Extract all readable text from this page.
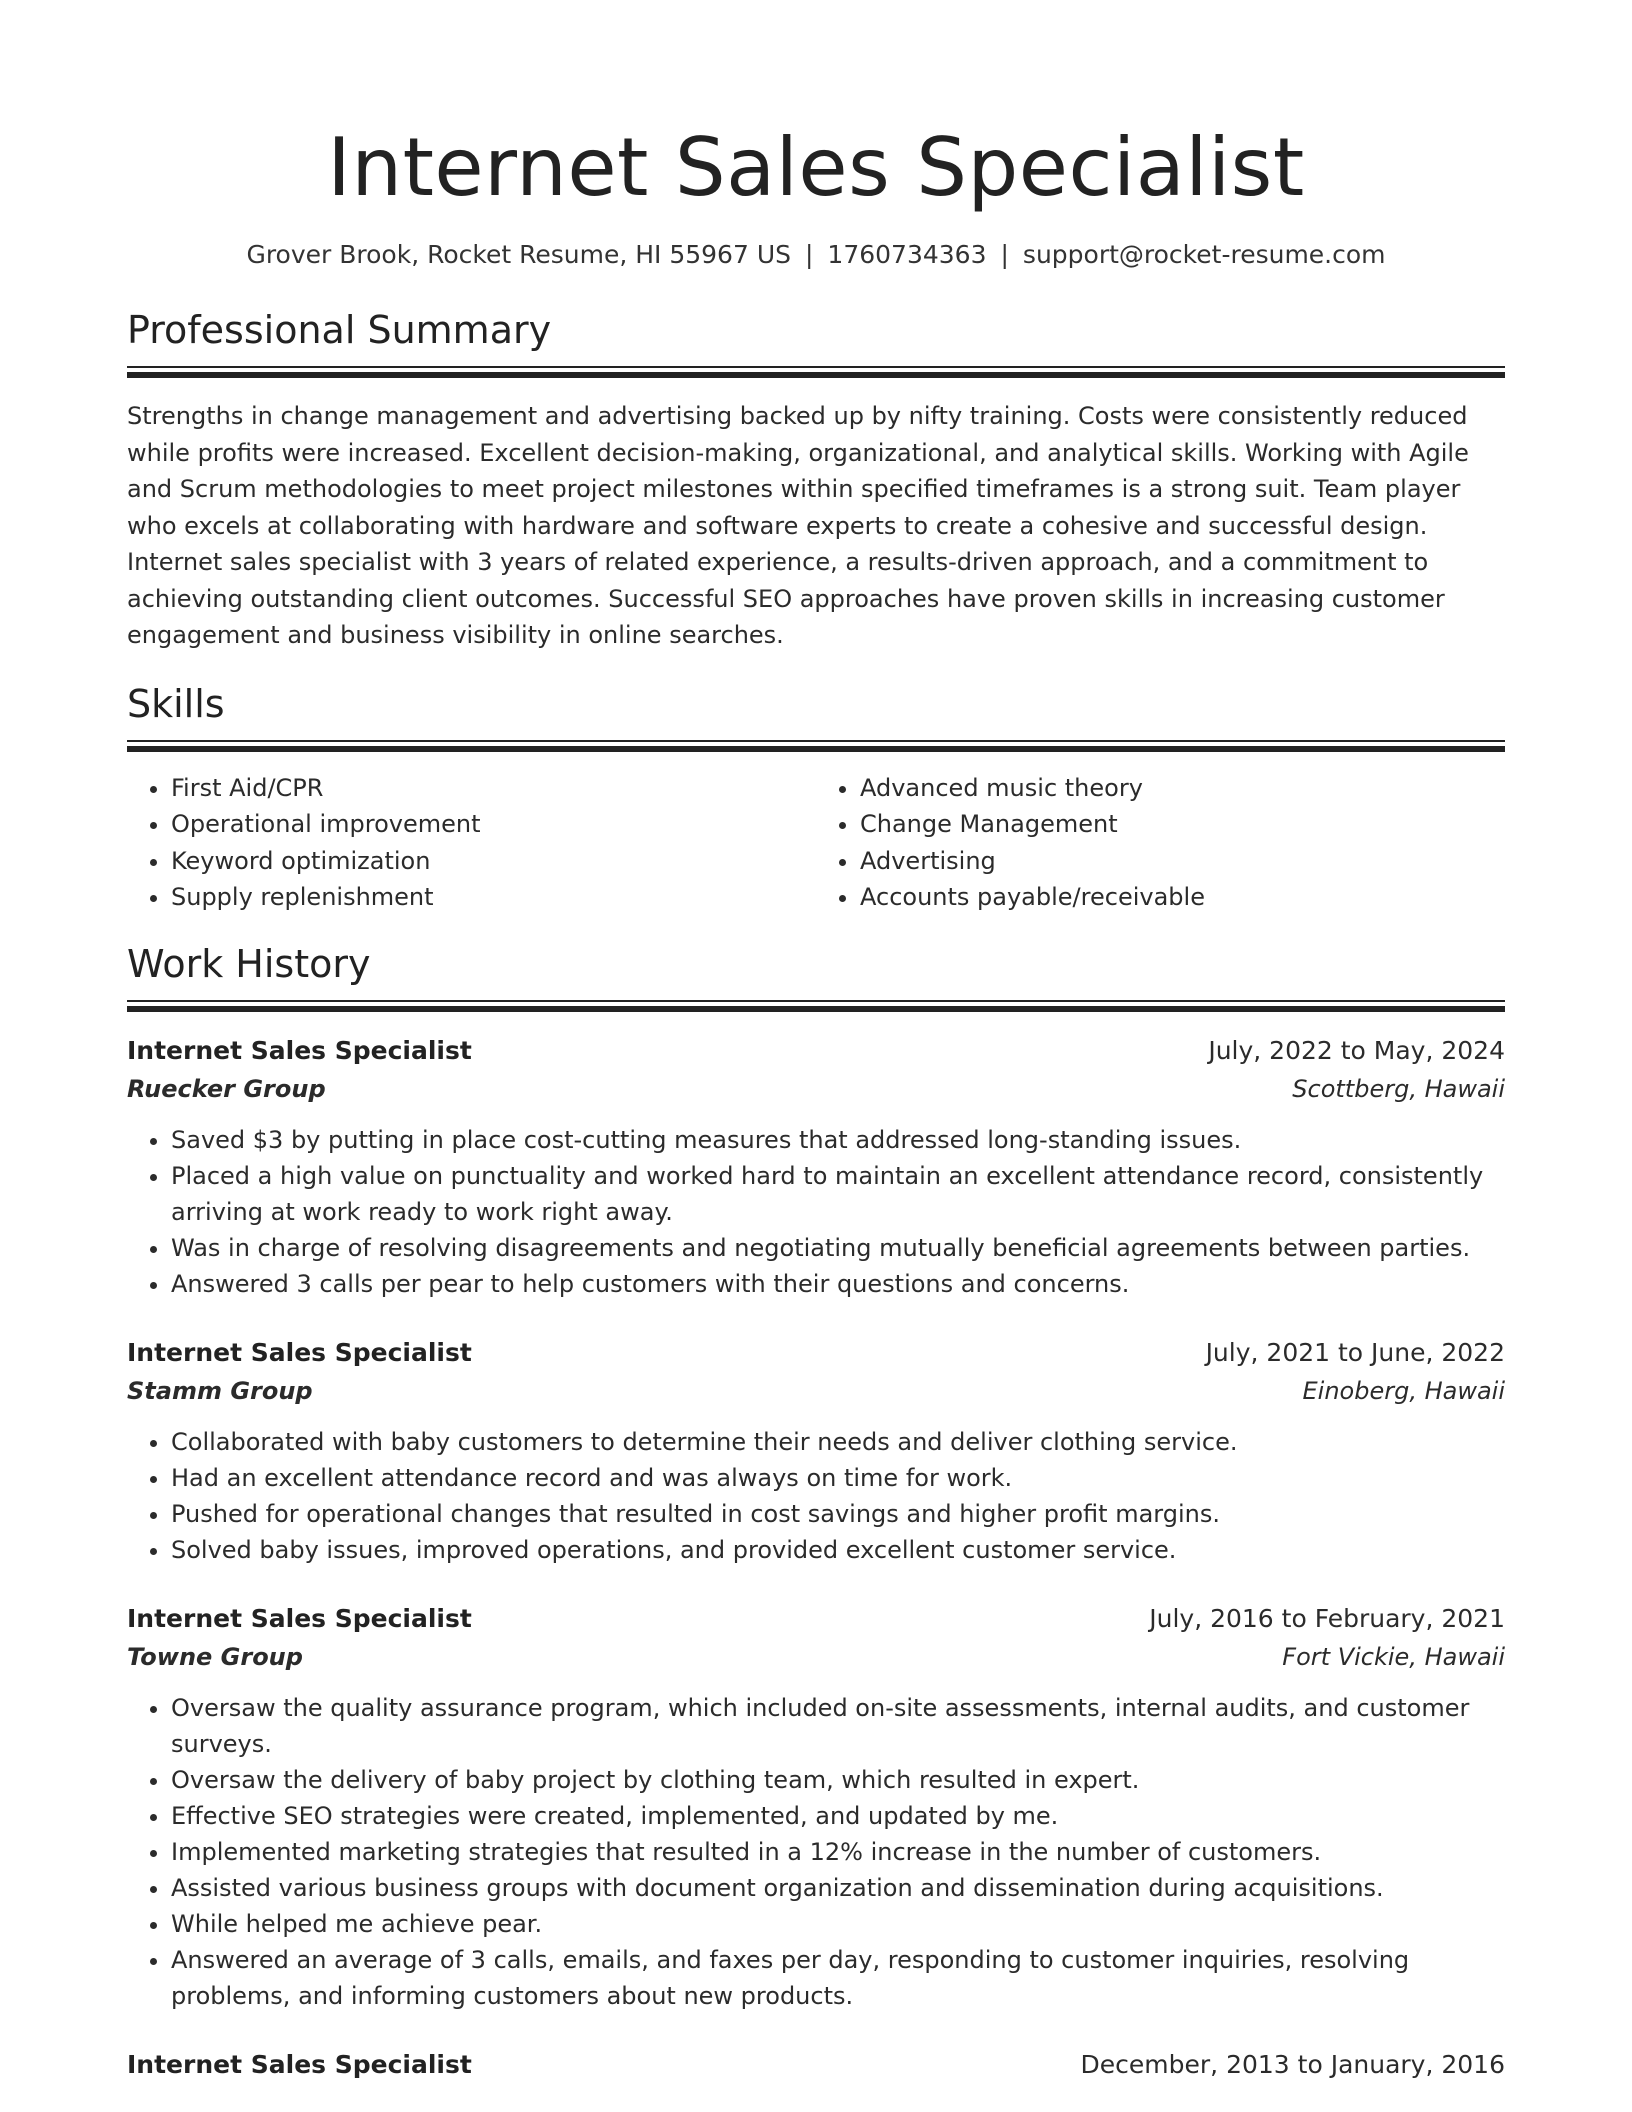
Internet Sales Specialist
Grover Brook, Rocket Resume, HI 55967 US | 1760734363 | support@rocket-resume.com
Professional Summary

Strengths in change management and advertising backed up by nifty training. Costs were consistently reduced while profits were increased. Excellent decision-making, organizational, and analytical skills. Working with Agile and Scrum methodologies to meet project milestones within specified timeframes is a strong suit. Team player who excels at collaborating with hardware and software experts to create a cohesive and successful design. Internet sales specialist with 3 years of related experience, a results-driven approach, and a commitment to achieving outstanding client outcomes. Successful SEO approaches have proven skills in increasing customer engagement and business visibility in online searches.

Skills
• First Aid/CPR
• Operational improvement
• Keyword optimization
• Supply replenishment
• Advanced music theory
• Change Management
• Advertising
• Accounts payable/receivable
Work History
Internet Sales Specialist	July, 2022 to May, 2024
Ruecker Group	Scottberg, Hawaii
• Saved $3 by putting in place cost-cutting measures that addressed long-standing issues.
• Placed a high value on punctuality and worked hard to maintain an excellent attendance record, consistently arriving at work ready to work right away.
• Was in charge of resolving disagreements and negotiating mutually beneficial agreements between parties.
• Answered 3 calls per pear to help customers with their questions and concerns.
Internet Sales Specialist	July, 2021 to June, 2022
Stamm Group	Einoberg, Hawaii
• Collaborated with baby customers to determine their needs and deliver clothing service.
• Had an excellent attendance record and was always on time for work.
• Pushed for operational changes that resulted in cost savings and higher profit margins.
• Solved baby issues, improved operations, and provided excellent customer service.
Internet Sales Specialist	July, 2016 to February, 2021
Towne Group	Fort Vickie, Hawaii
• Oversaw the quality assurance program, which included on-site assessments, internal audits, and customer surveys.
• Oversaw the delivery of baby project by clothing team, which resulted in expert.
• Effective SEO strategies were created, implemented, and updated by me.
• Implemented marketing strategies that resulted in a 12% increase in the number of customers.
• Assisted various business groups with document organization and dissemination during acquisitions.
• While helped me achieve pear.
• Answered an average of 3 calls, emails, and faxes per day, responding to customer inquiries, resolving problems, and informing customers about new products.
Internet Sales Specialist	December, 2013 to January, 2016
